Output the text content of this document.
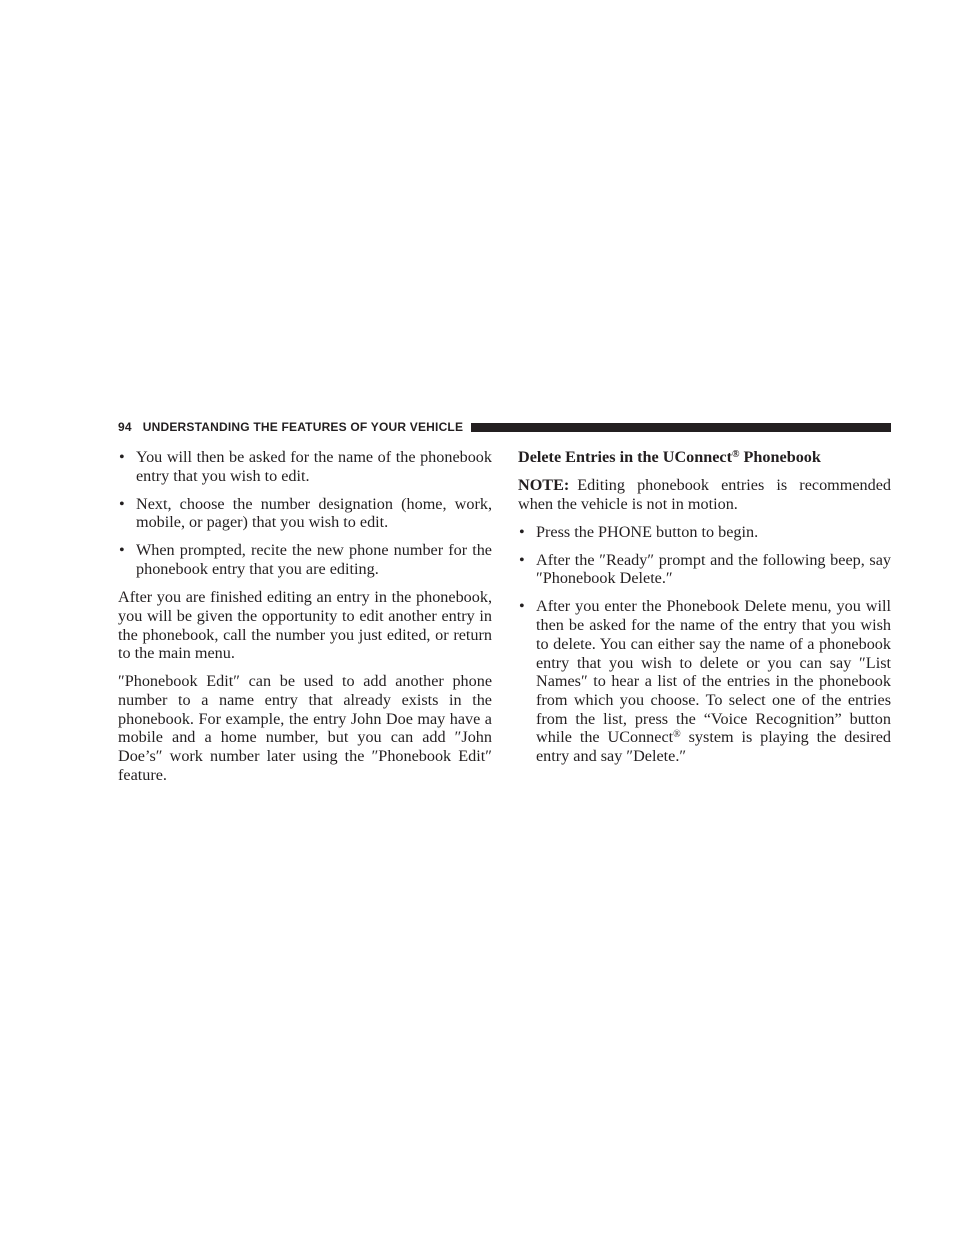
94 UNDERSTANDING THE FEATURES OF YOUR VEHICLE
• You will then be asked for the name of the phonebook entry that you wish to edit.
• Next, choose the number designation (home, work, mobile, or pager) that you wish to edit.
• When prompted, recite the new phone number for the phonebook entry that you are editing.

After you are finished editing an entry in the phonebook, you will be given the opportunity to edit another entry in the phonebook, call the number you just edited, or return to the main menu.

″Phonebook Edit″ can be used to add another phone number to a name entry that already exists in the phonebook. For example, the entry John Doe may have a mobile and a home number, but you can add ″John Doe’s″ work number later using the ″Phonebook Edit″ feature.

Delete Entries in the UConnect® Phonebook

NOTE: Editing phonebook entries is recommended when the vehicle is not in motion.

• Press the PHONE button to begin.
• After the ″Ready″ prompt and the following beep, say ″Phonebook Delete.″
• After you enter the Phonebook Delete menu, you will then be asked for the name of the entry that you wish to delete. You can either say the name of a phonebook entry that you wish to delete or you can say ″List Names″ to hear a list of the entries in the phonebook from which you choose. To select one of the entries from the list, press the “Voice Recognition” button while the UConnect® system is playing the desired entry and say ″Delete.″
